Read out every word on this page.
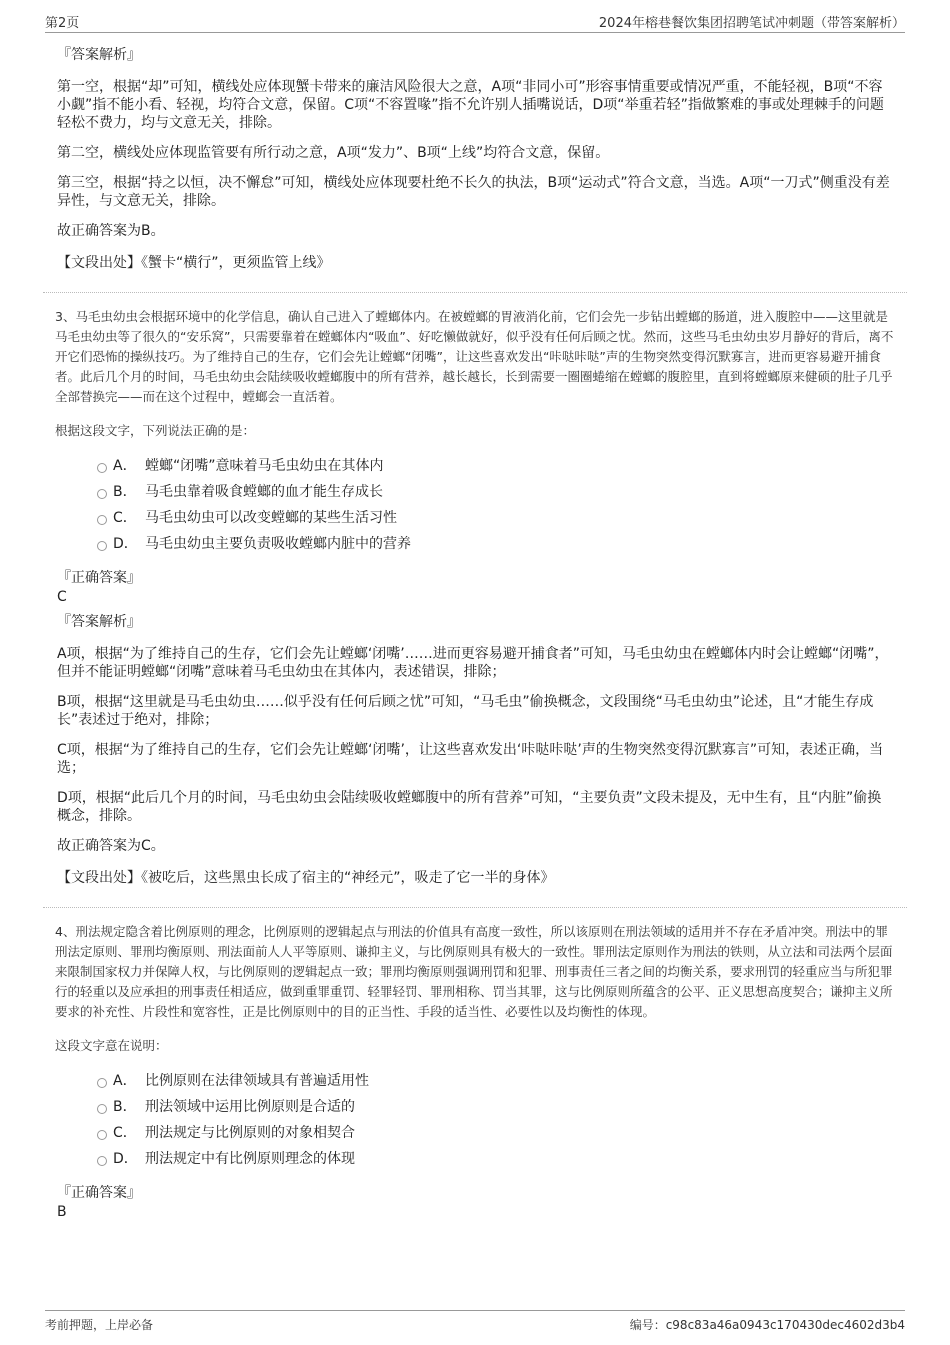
第2页	2024年榕巷餐饮集团招聘笔试冲刺题（带答案解析）
『答案解析』
第一空，根据“却”可知，横线处应体现蟹卡带来的廉洁风险很大之意，A项“非同小可”形容事情重要或情况严重，不能轻视，B项“不容小觑”指不能小看、轻视，均符合文意，保留。C项“不容置喙”指不允许别人插嘴说话，D项“举重若轻”指做繁难的事或处理棘手的问题轻松不费力，均与文意无关，排除。
第二空，横线处应体现监管要有所行动之意，A项“发力”、B项“上线”均符合文意，保留。
第三空，根据“持之以恒，决不懈怠”可知，横线处应体现要杜绝不长久的执法，B项“运动式”符合文意，当选。A项“一刀式”侧重没有差异性，与文意无关，排除。
故正确答案为B。
【文段出处】《蟹卡“横行”，更须监管上线》
3、马毛虫幼虫会根据环境中的化学信息，确认自己进入了螳螂体内。在被螳螂的胃液消化前，它们会先一步钻出螳螂的肠道，进入腹腔中——这里就是马毛虫幼虫等了很久的“安乐窝”，只需要靠着在螳螂体内“吸血”、好吃懒做就好，似乎没有任何后顾之忧。然而，这些马毛虫幼虫岁月静好的背后，离不开它们恐怖的操纵技巧。为了维持自己的生存，它们会先让螳螂“闭嘴”，让这些喜欢发出“咔哒咔哒”声的生物突然变得沉默寡言，进而更容易避开捕食者。此后几个月的时间，马毛虫幼虫会陆续吸收螳螂腹中的所有营养，越长越长，长到需要一圈圈蜷缩在螳螂的腹腔里，直到将螳螂原来健硕的肚子几乎全部替换完——而在这个过程中，螳螂会一直活着。
根据这段文字，下列说法正确的是：
A． 螳螂“闭嘴”意味着马毛虫幼虫在其体内
B． 马毛虫靠着吸食螳螂的血才能生存成长
C． 马毛虫幼虫可以改变螳螂的某些生活习性
D． 马毛虫幼虫主要负责吸收螳螂内脏中的营养
『正确答案』
C
『答案解析』
A项，根据“为了维持自己的生存，它们会先让螳螂‘闭嘴’……进而更容易避开捕食者”可知，马毛虫幼虫在螳螂体内时会让螳螂“闭嘴”，但并不能证明螳螂“闭嘴”意味着马毛虫幼虫在其体内，表述错误，排除；
B项，根据“这里就是马毛虫幼虫……似乎没有任何后顾之忧”可知，“马毛虫”偷换概念，文段围绕“马毛虫幼虫”论述，且“才能生存成长”表述过于绝对，排除；
C项，根据“为了维持自己的生存，它们会先让螳螂‘闭嘴’，让这些喜欢发出‘咔哒咔哒’声的生物突然变得沉默寡言”可知，表述正确，当选；
D项，根据“此后几个月的时间，马毛虫幼虫会陆续吸收螳螂腹中的所有营养”可知，“主要负责”文段未提及，无中生有，且“内脏”偷换概念，排除。
故正确答案为C。
【文段出处】《被吃后，这些黑虫长成了宿主的“神经元”，吸走了它一半的身体》
4、刑法规定隐含着比例原则的理念，比例原则的逻辑起点与刑法的价值具有高度一致性，所以该原则在刑法领域的适用并不存在矛盾冲突。刑法中的罪刑法定原则、罪刑均衡原则、刑法面前人人平等原则、谦抑主义，与比例原则具有极大的一致性。罪刑法定原则作为刑法的铁则，从立法和司法两个层面来限制国家权力并保障人权，与比例原则的逻辑起点一致；罪刑均衡原则强调刑罚和犯罪、刑事责任三者之间的均衡关系，要求刑罚的轻重应当与所犯罪行的轻重以及应承担的刑事责任相适应，做到重罪重罚、轻罪轻罚、罪刑相称、罚当其罪，这与比例原则所蕴含的公平、正义思想高度契合；谦抑主义所要求的补充性、片段性和宽容性，正是比例原则中的目的正当性、手段的适当性、必要性以及均衡性的体现。
这段文字意在说明：
A． 比例原则在法律领域具有普遍适用性
B． 刑法领域中运用比例原则是合适的
C． 刑法规定与比例原则的对象相契合
D． 刑法规定中有比例原则理念的体现
『正确答案』
B
考前押题，上岸必备	编号：c98c83a46a0943c170430dec4602d3b4
